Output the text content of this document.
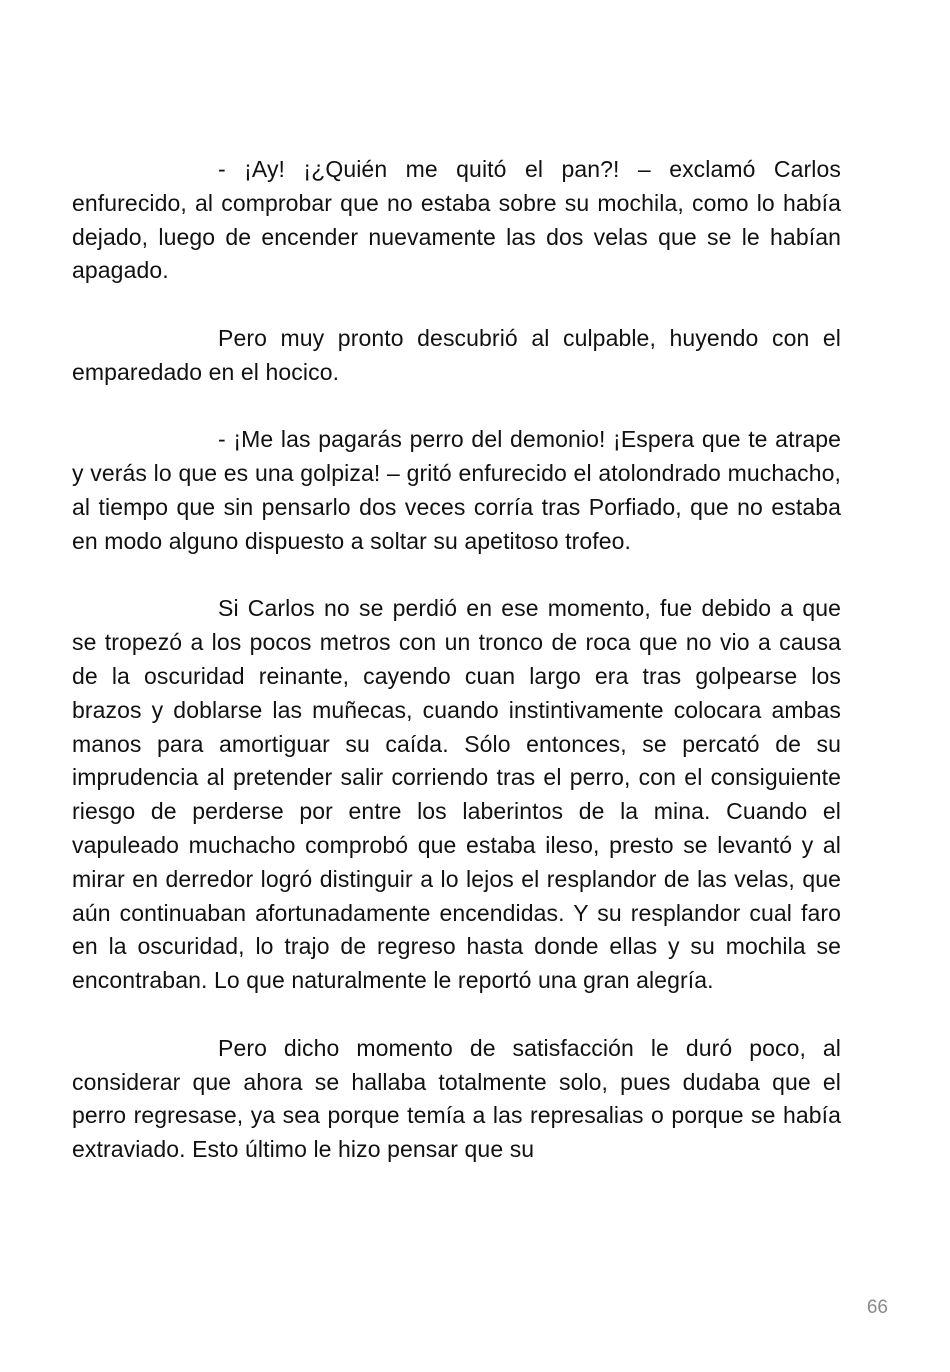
- ¡Ay! ¡¿Quién me quitó el pan?! – exclamó Carlos enfurecido, al comprobar que no estaba sobre su mochila, como lo había dejado, luego de encender nuevamente las dos velas que se le habían apagado.

Pero muy pronto descubrió al culpable, huyendo con el emparedado en el hocico.

- ¡Me las pagarás perro del demonio! ¡Espera que te atrape y verás lo que es una golpiza! – gritó enfurecido el atolondrado muchacho, al tiempo que sin pensarlo dos veces corría tras Porfiado, que no estaba en modo alguno dispuesto a soltar su apetitoso trofeo.

Si Carlos no se perdió en ese momento, fue debido a que se tropezó a los pocos metros con un tronco de roca que no vio a causa de la oscuridad reinante, cayendo cuan largo era tras golpearse los brazos y doblarse las muñecas, cuando instintivamente colocara ambas manos para amortiguar su caída. Sólo entonces, se percató de su imprudencia al pretender salir corriendo tras el perro, con el consiguiente riesgo de perderse por entre los laberintos de la mina. Cuando el vapuleado muchacho comprobó que estaba ileso, presto se levantó y al mirar en derredor logró distinguir a lo lejos el resplandor de las velas, que aún continuaban afortunadamente encendidas. Y su resplandor cual faro en la oscuridad, lo trajo de regreso hasta donde ellas y su mochila se encontraban. Lo que naturalmente le reportó una gran alegría.

Pero dicho momento de satisfacción le duró poco, al considerar que ahora se hallaba totalmente solo, pues dudaba que el perro regresase, ya sea porque temía a las represalias o porque se había extraviado. Esto último le hizo pensar que su

66
